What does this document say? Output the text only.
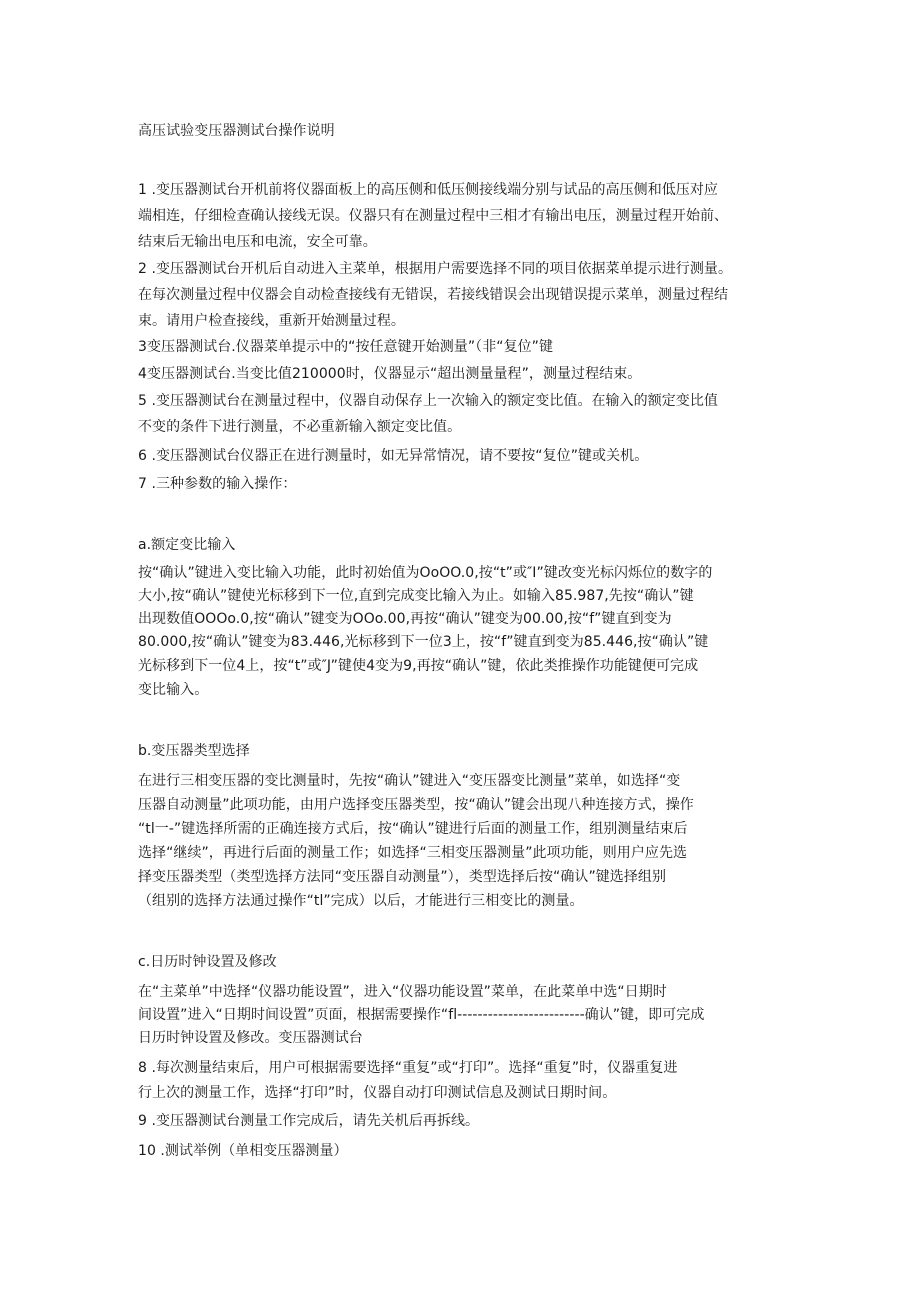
高压试验变压器测试台操作说明
1 .变压器测试台开机前将仪器面板上的高压侧和低压侧接线端分别与试品的高压侧和低压对应
端相连，仔细检查确认接线无误。仪器只有在测量过程中三相才有输出电压，测量过程开始前、
结束后无输出电压和电流，安全可靠。
2 .变压器测试台开机后自动进入主菜单，根据用户需要选择不同的项目依据菜单提示进行测量。
在每次测量过程中仪器会自动检查接线有无错误，若接线错误会出现错误提示菜单，测量过程结
束。请用户检查接线，重新开始测量过程。
3变压器测试台.仪器菜单提示中的“按任意键开始测量”（非“复位”键
4变压器测试台.当变比值210000时，仪器显示“超出测量量程”，测量过程结束。
5 .变压器测试台在测量过程中，仪器自动保存上一次输入的额定变比值。在输入的额定变比值
不变的条件下进行测量，不必重新输入额定变比值。
6 .变压器测试台仪器正在进行测量时，如无异常情况，请不要按“复位”键或关机。
7 .三种参数的输入操作：
a.额定变比输入
按“确认”键进入变比输入功能，此时初始值为OoOO.0,按“t”或″I”键改变光标闪烁位的数字的
大小,按“确认”键使光标移到下一位,直到完成变比输入为止。如输入85.987,先按“确认”键
出现数值OOOo.0,按“确认”键变为OOo.00,再按“确认”键变为00.00,按“f”键直到变为
80.000,按“确认”键变为83.446,光标移到下一位3上，按“f”键直到变为85.446,按“确认”键
光标移到下一位4上，按“t”或″J”键使4变为9,再按“确认”键，依此类推操作功能键便可完成
变比输入。
b.变压器类型选择
在进行三相变压器的变比测量时，先按“确认”键进入“变压器变比测量”菜单，如选择“变
压器自动测量”此项功能，由用户选择变压器类型，按“确认”键会出现八种连接方式，操作
“tl一-”键选择所需的正确连接方式后，按“确认”键进行后面的测量工作，组别测量结束后
选择“继续”，再进行后面的测量工作；如选择“三相变压器测量”此项功能，则用户应先选
择变压器类型（类型选择方法同“变压器自动测量”），类型选择后按“确认”键选择组别
（组别的选择方法通过操作“tl”完成）以后，才能进行三相变比的测量。
c.日历时钟设置及修改
在“主菜单”中选择“仪器功能设置”，进入“仪器功能设置”菜单，在此菜单中选“日期时
间设置”进入“日期时间设置”页面，根据需要操作“fl-------------------------确认”键，即可完成
日历时钟设置及修改。变压器测试台
8 .每次测量结束后，用户可根据需要选择“重复”或“打印”。选择“重复”时，仪器重复进
行上次的测量工作，选择“打印”时，仪器自动打印测试信息及测试日期时间。
9 .变压器测试台测量工作完成后，请先关机后再拆线。
10 .测试举例（单相变压器测量）
